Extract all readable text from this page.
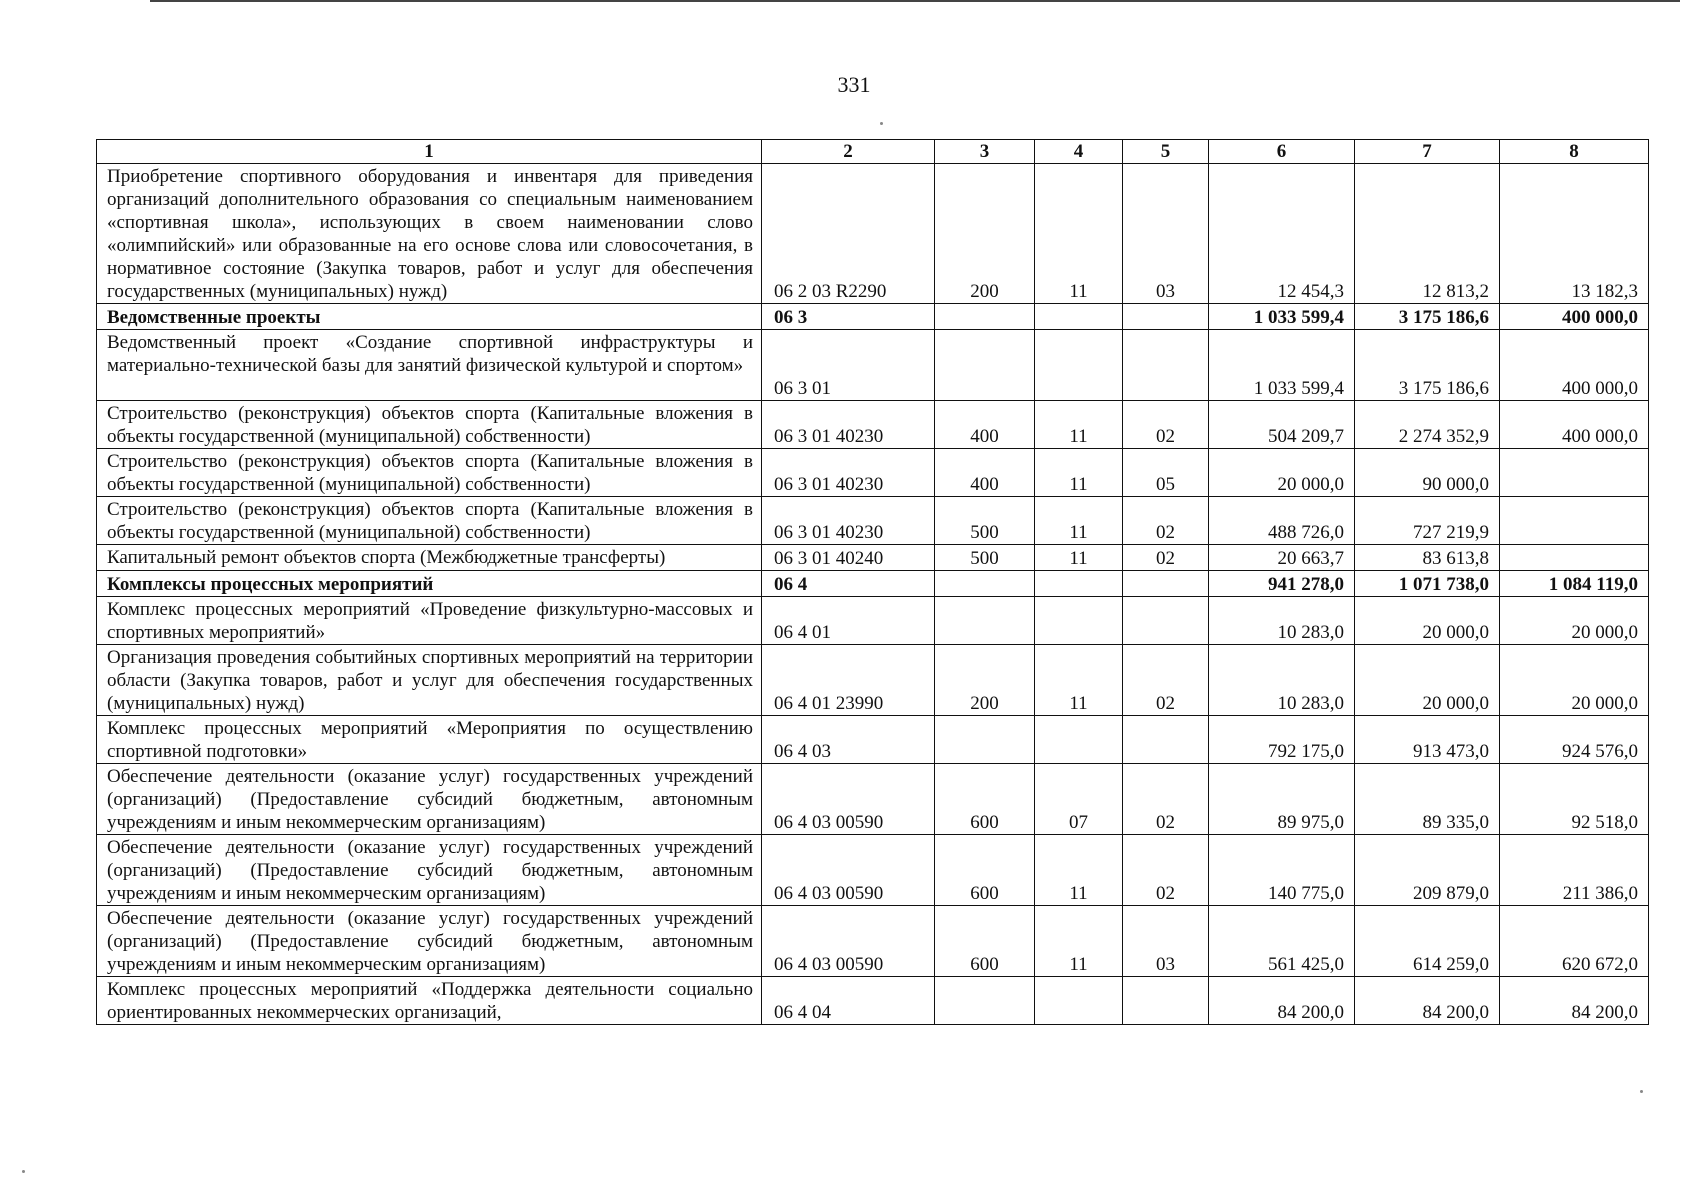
331
1	2	3	4	5	6	7	8
Приобретение спортивного оборудования и инвентаря для приведения организаций дополнительного образования со специальным наименованием «спортивная школа», использующих в своем наименовании слово «олимпийский» или образованные на его основе слова или словосочетания, в нормативное состояние (Закупка товаров, работ и услуг для обеспечения государственных (муниципальных) нужд)	06 2 03 R2290	200	11	03	12 454,3	12 813,2	13 182,3
Ведомственные проекты	06 3				1 033 599,4	3 175 186,6	400 000,0
Ведомственный проект «Создание спортивной инфраструктуры и материально-технической базы для занятий физической культурой и спортом»	06 3 01				1 033 599,4	3 175 186,6	400 000,0
Строительство (реконструкция) объектов спорта (Капитальные вложения в объекты государственной (муниципальной) собственности)	06 3 01 40230	400	11	02	504 209,7	2 274 352,9	400 000,0
Строительство (реконструкция) объектов спорта (Капитальные вложения в объекты государственной (муниципальной) собственности)	06 3 01 40230	400	11	05	20 000,0	90 000,0	
Строительство (реконструкция) объектов спорта (Капитальные вложения в объекты государственной (муниципальной) собственности)	06 3 01 40230	500	11	02	488 726,0	727 219,9	
Капитальный ремонт объектов спорта (Межбюджетные трансферты)	06 3 01 40240	500	11	02	20 663,7	83 613,8	
Комплексы процессных мероприятий	06 4				941 278,0	1 071 738,0	1 084 119,0
Комплекс процессных мероприятий «Проведение физкультурно-массовых и спортивных мероприятий»	06 4 01				10 283,0	20 000,0	20 000,0
Организация проведения событийных спортивных мероприятий на территории области (Закупка товаров, работ и услуг для обеспечения государственных (муниципальных) нужд)	06 4 01 23990	200	11	02	10 283,0	20 000,0	20 000,0
Комплекс процессных мероприятий «Мероприятия по осуществлению спортивной подготовки»	06 4 03				792 175,0	913 473,0	924 576,0
Обеспечение деятельности (оказание услуг) государственных учреждений (организаций) (Предоставление субсидий бюджетным, автономным учреждениям и иным некоммерческим организациям)	06 4 03 00590	600	07	02	89 975,0	89 335,0	92 518,0
Обеспечение деятельности (оказание услуг) государственных учреждений (организаций) (Предоставление субсидий бюджетным, автономным учреждениям и иным некоммерческим организациям)	06 4 03 00590	600	11	02	140 775,0	209 879,0	211 386,0
Обеспечение деятельности (оказание услуг) государственных учреждений (организаций) (Предоставление субсидий бюджетным, автономным учреждениям и иным некоммерческим организациям)	06 4 03 00590	600	11	03	561 425,0	614 259,0	620 672,0
Комплекс процессных мероприятий «Поддержка деятельности социально ориентированных некоммерческих организаций,	06 4 04				84 200,0	84 200,0	84 200,0
